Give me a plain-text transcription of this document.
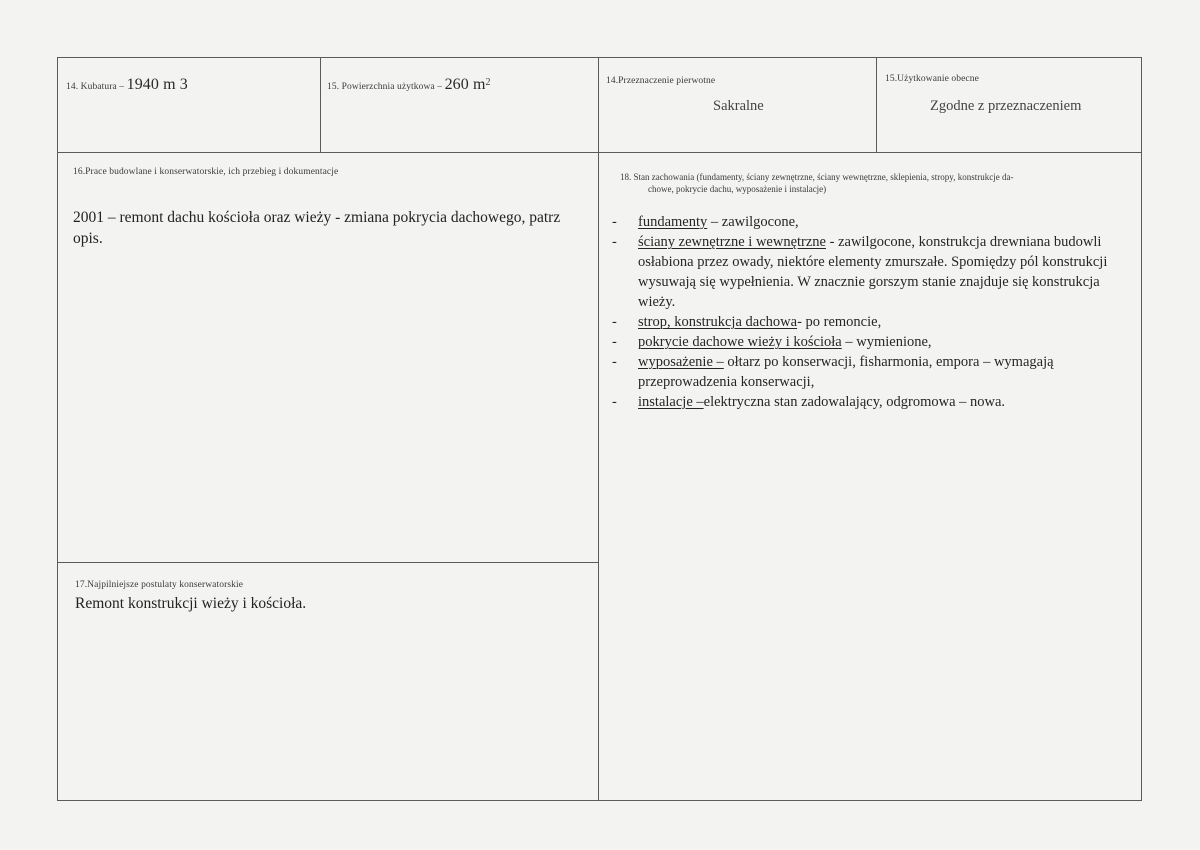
14. Kubatura – 1940 m 3	15. Powierzchnia użytkowa – 260 $m^2$	14.Przeznaczenie pierwotne
Sakralne
15.Użytkowanie obecne
Zgodne z przeznaczeniem
16.Prace budowlane i konserwatorskie, ich przebieg i dokumentacje
2001 – remont dachu kościoła oraz wieży - zmiana pokrycia dachowego, patrz opis.
18. Stan zachowania (fundamenty, ściany zewnętrzne, ściany wewnętrzne, sklepienia, stropy, konstrukcje da-
chowe, pokrycie dachu, wyposażenie i instalacje)
- fundamenty – zawilgocone,
- ściany zewnętrzne i wewnętrzne - zawilgocone, konstrukcja drewniana budowli osłabiona przez owady, niektóre elementy zmurszałe. Spomiędzy pól konstrukcji wysuwają się wypełnienia. W znacznie gorszym stanie znajduje się konstrukcja wieży.
- strop, konstrukcja dachowa- po remoncie,
- pokrycie dachowe wieży i kościoła – wymienione,
- wyposażenie – ołtarz po konserwacji, fisharmonia, empora – wymagają przeprowadzenia konserwacji,
- instalacje –elektryczna stan zadowalający, odgromowa – nowa.
17.Najpilniejsze postulaty konserwatorskie
Remont konstrukcji wieży i kościoła.
